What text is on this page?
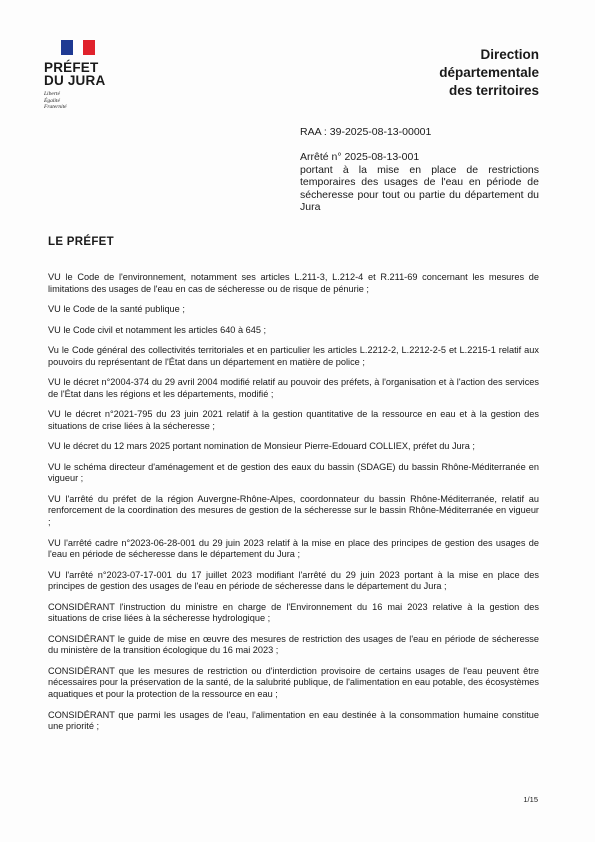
PRÉFET
DU JURA
Liberté
Égalité
Fraternité
Direction
départementale
des territoires
RAA : 39-2025-08-13-00001
Arrêté n° 2025-08-13-001
portant à la mise en place de restrictions temporaires des usages de l'eau en période de sécheresse pour tout ou partie du département du Jura
LE PRÉFET

VU le Code de l'environnement, notamment ses articles L.211-3, L.212-4 et R.211-69 concernant les mesures de limitations des usages de l'eau en cas de sécheresse ou de risque de pénurie ;

VU le Code de la santé publique ;

VU le Code civil et notamment les articles 640 à 645 ;

Vu le Code général des collectivités territoriales et en particulier les articles L.2212-2, L.2212-2-5 et L.2215-1 relatif aux pouvoirs du représentant de l'État dans un département en matière de police ;

VU le décret n°2004-374 du 29 avril 2004 modifié relatif au pouvoir des préfets, à l'organisation et à l'action des services de l'État dans les régions et les départements, modifié ;

VU le décret n°2021-795 du 23 juin 2021 relatif à la gestion quantitative de la ressource en eau et à la gestion des situations de crise liées à la sécheresse ;

VU le décret du 12 mars 2025 portant nomination de Monsieur Pierre-Edouard COLLIEX, préfet du Jura ;

VU le schéma directeur d'aménagement et de gestion des eaux du bassin (SDAGE) du bassin Rhône-Méditerranée en vigueur ;

VU l'arrêté du préfet de la région Auvergne-Rhône-Alpes, coordonnateur du bassin Rhône-Méditerranée, relatif au renforcement de la coordination des mesures de gestion de la sécheresse sur le bassin Rhône-Méditerranée en vigueur ;

VU l'arrêté cadre n°2023-06-28-001 du 29 juin 2023 relatif à la mise en place des principes de gestion des usages de l'eau en période de sécheresse dans le département du Jura ;

VU l'arrêté n°2023-07-17-001 du 17 juillet 2023 modifiant l'arrêté du 29 juin 2023 portant à la mise en place des principes de gestion des usages de l'eau en période de sécheresse dans le département du Jura ;

CONSIDÉRANT l'instruction du ministre en charge de l'Environnement du 16 mai 2023 relative à la gestion des situations de crise liées à la sécheresse hydrologique ;

CONSIDÉRANT le guide de mise en œuvre des mesures de restriction des usages de l'eau en période de sécheresse du ministère de la transition écologique du 16 mai 2023 ;

CONSIDÉRANT que les mesures de restriction ou d'interdiction provisoire de certains usages de l'eau peuvent être nécessaires pour la préservation de la santé, de la salubrité publique, de l'alimentation en eau potable, des écosystèmes aquatiques et pour la protection de la ressource en eau ;

CONSIDÉRANT que parmi les usages de l'eau, l'alimentation en eau destinée à la consommation humaine constitue une priorité ;

1/15
